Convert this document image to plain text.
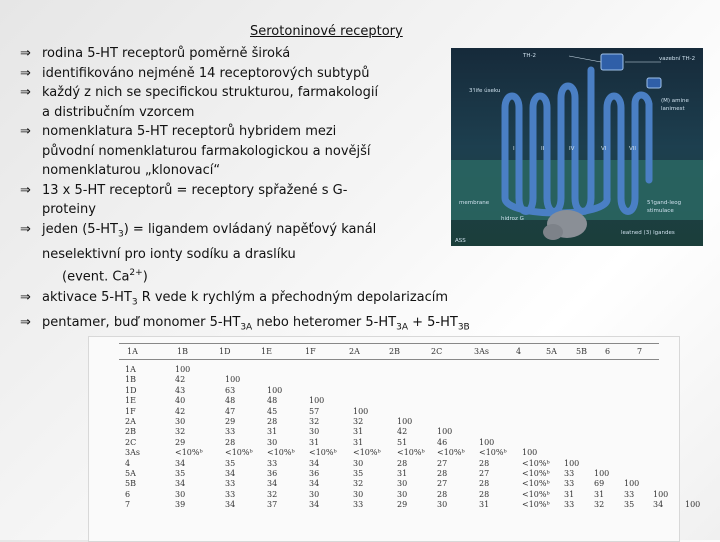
Serotoninové receptory
⇒ rodina 5-HT receptorů poměrně široká
⇒ identifikováno nejméně 14 receptorových subtypů
⇒ každý z nich se specifickou strukturou, farmakologií
a distribučním vzorcem
⇒ nomenklatura 5-HT receptorů hybridem mezi
původní nomenklaturou farmakologickou a novější
nomenklaturou „klonovací“
⇒ 13 x 5-HT receptorů = receptory spřažené s G-
proteiny
⇒ jeden $(5-HT_3)$ = ligandem ovládaný napěťový kanál
neselektivní pro ionty sodíku a draslíku
(event. $Ca^{2+}$)
⇒ aktivace $5-HT_3$ R vede k rychlým a přechodným depolarizacím
⇒ pentamer, buď monomer $5-HT_{3A}$ nebo heteromer $5-HT_{3A} + 5-HT_{3B}$
TH-2
3'life úseku
vazební TH-2
(M) amine
lanimest
I	II	IV	VI	VII
membrane	5'lgand-leog
stimulace
hidroz G
leatned (3) lgandes
ASS
1A	1B	1D	1E	1F	2A	2B	2C	3As	4	5A 5B 6	7
1A	100
1B	42	100
1D	43	63	100
1E	40	48	48	100
1F	42	47	45	57	100
2A	30	29	28	32	32	100
2B	32	33	31	30	31	42	100
2C	29	28	30	31	31	51	46	100
3As	<10%ᵇ	<10%ᵇ <10%ᵇ <10%ᵇ <10%ᵇ <10%ᵇ <10%ᵇ <10%ᵇ 100
4	34	35	33	34	30	28	27	28	<10%ᵇ 100
5A	35	34	36	36	35	31	28	27	<10%ᵇ 33 100
5B	34	33	34	34	32	30	27	28	<10%ᵇ 33 69 100
6	30	33	32	30	30	30	28	28	<10%ᵇ 31 31 33 100
7	39	34	37	34	33	29	30	31	<10%ᵇ 33 32 35 34	100
